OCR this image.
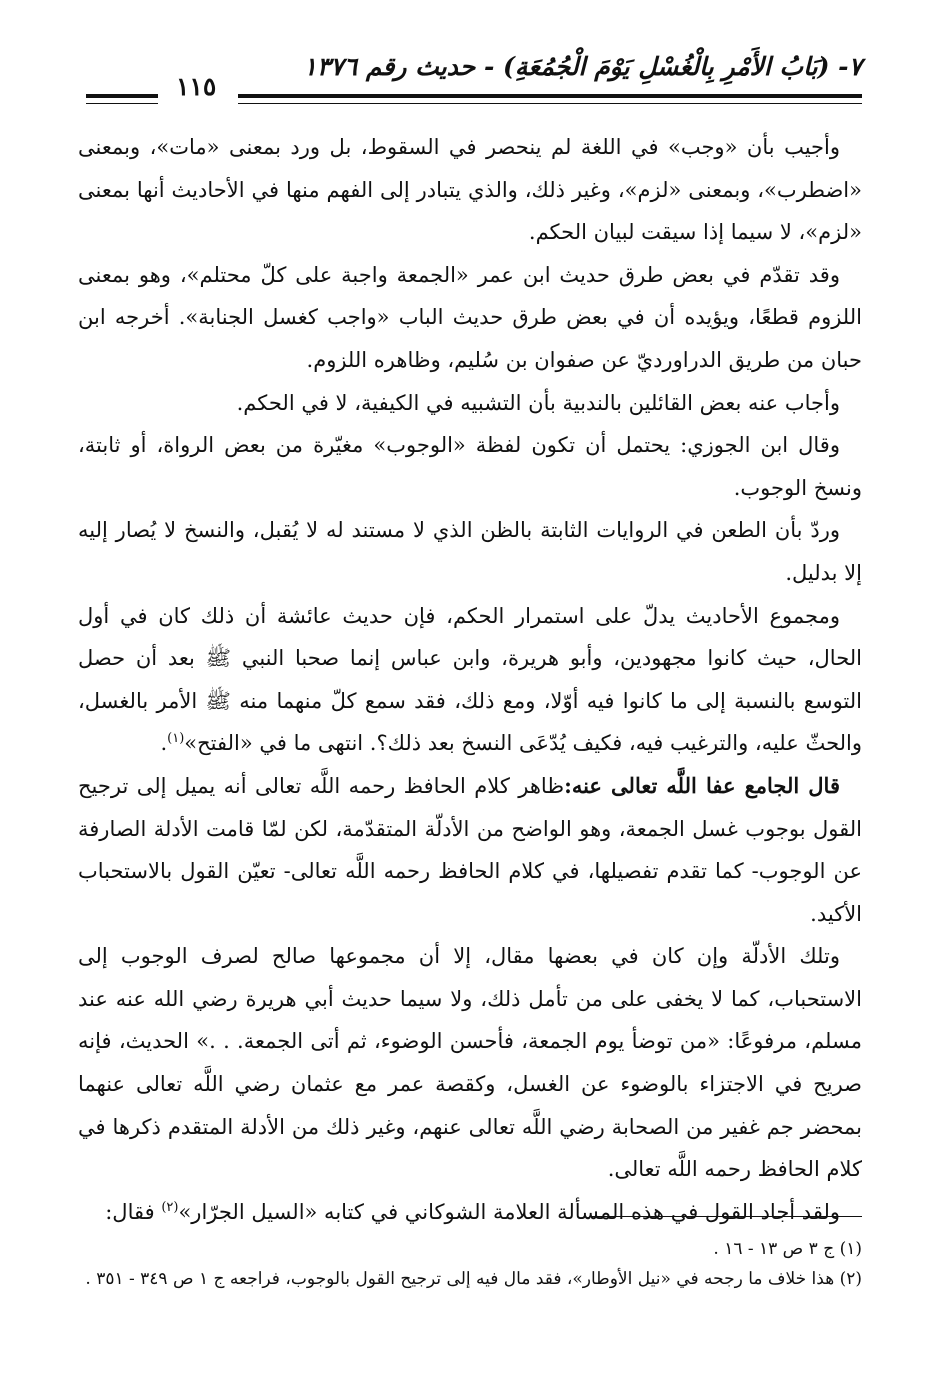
٧- (بَابُ الأَمْرِ بِالْغُسْلِ يَوْمَ الْجُمُعَةِ) - حديث رقم ١٣٧٦
١١٥

وأجيب بأن «وجب» في اللغة لم ينحصر في السقوط، بل ورد بمعنى «مات»، وبمعنى «اضطرب»، وبمعنى «لزم»، وغير ذلك، والذي يتبادر إلى الفهم منها في الأحاديث أنها بمعنى «لزم»، لا سيما إذا سيقت لبيان الحكم.

وقد تقدّم في بعض طرق حديث ابن عمر «الجمعة واجبة على كلّ محتلم»، وهو بمعنى اللزوم قطعًا، ويؤيده أن في بعض طرق حديث الباب «واجب كغسل الجنابة». أخرجه ابن حبان من طريق الدراورديّ عن صفوان بن سُليم، وظاهره اللزوم.

وأجاب عنه بعض القائلين بالندبية بأن التشبيه في الكيفية، لا في الحكم.

وقال ابن الجوزي: يحتمل أن تكون لفظة «الوجوب» مغيّرة من بعض الرواة، أو ثابتة، ونسخ الوجوب.

وردّ بأن الطعن في الروايات الثابتة بالظن الذي لا مستند له لا يُقبل، والنسخ لا يُصار إليه إلا بدليل.

ومجموع الأحاديث يدلّ على استمرار الحكم، فإن حديث عائشة أن ذلك كان في أول الحال، حيث كانوا مجهودين، وأبو هريرة، وابن عباس إنما صحبا النبي ﷺ بعد أن حصل التوسع بالنسبة إلى ما كانوا فيه أوّلا، ومع ذلك، فقد سمع كلّ منهما منه ﷺ الأمر بالغسل، والحثّ عليه، والترغيب فيه، فكيف يُدّعَى النسخ بعد ذلك؟. انتهى ما في «الفتح»$^{(١)}$.

قال الجامع عفا اللَّه تعالى عنه:ظاهر كلام الحافظ رحمه اللَّه تعالى أنه يميل إلى ترجيح القول بوجوب غسل الجمعة، وهو الواضح من الأدلّة المتقدّمة، لكن لمّا قامت الأدلة الصارفة عن الوجوب- كما تقدم تفصيلها، في كلام الحافظ رحمه اللَّه تعالى- تعيّن القول بالاستحباب الأكيد.

وتلك الأدلّة وإن كان في بعضها مقال، إلا أن مجموعها صالح لصرف الوجوب إلى الاستحباب، كما لا يخفى على من تأمل ذلك، ولا سيما حديث أبي هريرة رضي الله عنه عند مسلم، مرفوعًا: «من توضأ يوم الجمعة، فأحسن الوضوء، ثم أتى الجمعة. . .» الحديث، فإنه صريح في الاجتزاء بالوضوء عن الغسل، وكقصة عمر مع عثمان رضي اللَّه تعالى عنهما بمحضر جم غفير من الصحابة رضي اللَّه تعالى عنهم، وغير ذلك من الأدلة المتقدم ذكرها في كلام الحافظ رحمه اللَّه تعالى.

ولقد أجاد القول في هذه المسألة العلامة الشوكاني في كتابه «السيل الجرّار»$^{(٢)}$ فقال:

(١) ج ٣ ص ١٣ - ١٦ .

(٢) هذا خلاف ما رجحه في «نيل الأوطار»، فقد مال فيه إلى ترجيح القول بالوجوب، فراجعه ج ١ ص ٣٤٩ - ٣٥١ .
